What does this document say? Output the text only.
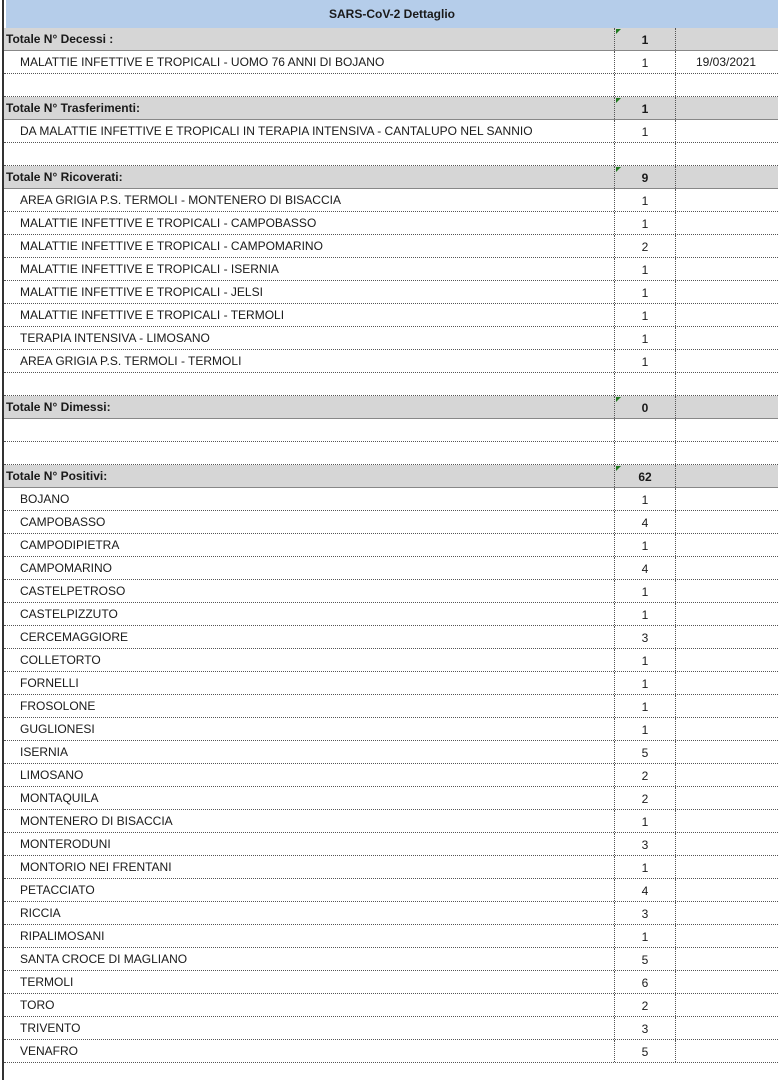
SARS-CoV-2 Dettaglio
Totale N° Decessi :	1
MALATTIE INFETTIVE E TROPICALI - UOMO 76 ANNI DI BOJANO	1	19/03/2021
Totale N° Trasferimenti:	1
DA MALATTIE INFETTIVE E TROPICALI IN TERAPIA INTENSIVA - CANTALUPO NEL SANNIO	1
Totale N° Ricoverati:	9
AREA GRIGIA P.S. TERMOLI - MONTENERO DI BISACCIA	1
MALATTIE INFETTIVE E TROPICALI - CAMPOBASSO	1
MALATTIE INFETTIVE E TROPICALI - CAMPOMARINO	2
MALATTIE INFETTIVE E TROPICALI - ISERNIA	1
MALATTIE INFETTIVE E TROPICALI - JELSI	1
MALATTIE INFETTIVE E TROPICALI - TERMOLI	1
TERAPIA INTENSIVA - LIMOSANO	1
AREA GRIGIA P.S. TERMOLI - TERMOLI	1
Totale N° Dimessi:	0
Totale N° Positivi:	62
BOJANO	1
CAMPOBASSO	4
CAMPODIPIETRA	1
CAMPOMARINO	4
CASTELPETROSO	1
CASTELPIZZUTO	1
CERCEMAGGIORE	3
COLLETORTO	1
FORNELLI	1
FROSOLONE	1
GUGLIONESI	1
ISERNIA	5
LIMOSANO	2
MONTAQUILA	2
MONTENERO DI BISACCIA	1
MONTERODUNI	3
MONTORIO NEI FRENTANI	1
PETACCIATO	4
RICCIA	3
RIPALIMOSANI	1
SANTA CROCE DI MAGLIANO	5
TERMOLI	6
TORO	2
TRIVENTO	3
VENAFRO	5
